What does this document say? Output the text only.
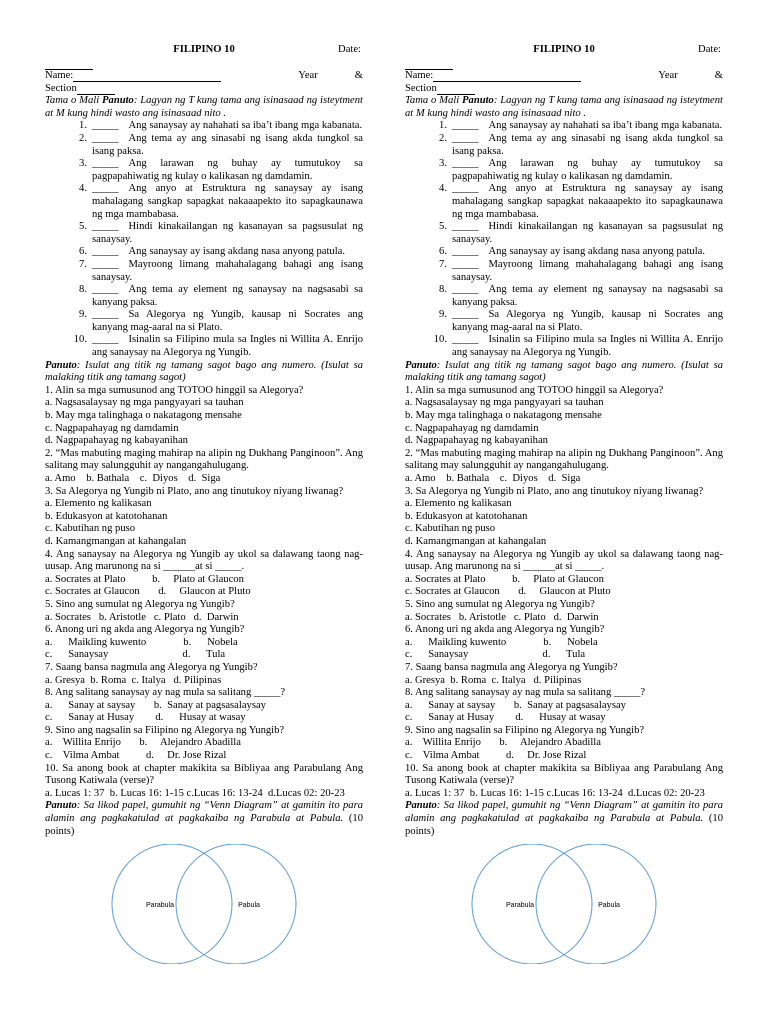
FILIPINO 10	Date:
Name:	Year	&
Section
Tama o Mali Panuto: Lagyan ng T kung tama ang isinasaad ng isteytment at M kung hindi wasto ang isinasaad nito .
1. _____ Ang sanaysay ay nahahati sa iba’t ibang mga kabanata.
2. _____ Ang tema ay ang sinasabi ng isang akda tungkol sa isang paksa.
3. _____ Ang larawan ng buhay ay tumutukoy sa pagpapahiwatig ng kulay o kalikasan ng damdamin.
4. _____ Ang anyo at Estruktura ng sanaysay ay isang mahalagang sangkap sapagkat nakaaapekto ito sapagkaunawa ng mga mambabasa.
5. _____ Hindi kinakailangan ng kasanayan sa pagsusulat ng sanaysay.
6. _____ Ang sanaysay ay isang akdang nasa anyong patula.
7. _____ Mayroong limang mahahalagang bahagi ang isang sanaysay.
8. _____ Ang tema ay element ng sanaysay na nagsasabi sa kanyang paksa.
9. _____ Sa Alegorya ng Yungib, kausap ni Socrates ang kanyang mag-aaral na si Plato.
10. _____ Isinalin sa Filipino mula sa Ingles ni Willita A. Enrijo ang sanaysay na Alegorya ng Yungib.
Panuto: Isulat ang titik ng tamang sagot bago ang numero. (Isulat sa malaking titik ang tamang sagot)
1. Alin sa mga sumusunod ang TOTOO hinggil sa Alegorya?
a. Nagsasalaysay ng mga pangyayari sa tauhan
b. May mga talinghaga o nakatagong mensahe
c. Nagpapahayag ng damdamin
d. Nagpapahayag ng kabayanihan
2. “Mas mabuting maging mahirap na alipin ng Dukhang Panginoon”. Ang salitang may salungguhit ay nangangahulugang.
a. Amo    b. Bathala    c.  Diyos    d.  Siga
3. Sa Alegorya ng Yungib ni Plato, ano ang tinutukoy niyang liwanag?
a. Elemento ng kalikasan
b. Edukasyon at katotohanan
c. Kabutihan ng puso
d. Kamangmangan at kahangalan
4. Ang sanaysay na Alegorya ng Yungib ay ukol sa dalawang taong nag-uusap. Ang marunong na si ______at si _____.
a. Socrates at Plato          b.     Plato at Glaucon
c. Socrates at Glaucon       d.     Glaucon at Pluto
5. Sino ang sumulat ng Alegorya ng Yungib?
a. Socrates   b. Aristotle   c. Plato   d.  Darwin
6. Anong uri ng akda ang Alegorya ng Yungib?
a.      Maikling kuwento              b.      Nobela
c.      Sanaysay                            d.      Tula
7. Saang bansa nagmula ang Alegorya ng Yungib?
a. Gresya  b. Roma  c. Italya   d. Pilipinas
8. Ang salitang sanaysay ay nag mula sa salitang _____?
a.      Sanay at saysay       b.  Sanay at pagsasalaysay
c.      Sanay at Husay        d.      Husay at wasay
9. Sino ang nagsalin sa Filipino ng Alegorya ng Yungib?
a.    Willita Enrijo       b.     Alejandro Abadilla
c.    Vilma Ambat          d.     Dr. Jose Rizal
10. Sa anong book at chapter makikita sa Bibliyaa ang Parabulang Ang Tusong Katiwala (verse)?
a. Lucas 1: 37  b. Lucas 16: 1-15 c.Lucas 16: 13-24  d.Lucas 02: 20-23
Panuto: Sa likod papel, gumuhit ng “Venn Diagram” at gamitin ito para alamin ang pagkakatulad at pagkakaiba ng Parabula at Pabula. (10 points)
Parabula	Pabula
FILIPINO 10	Date:
Name:	Year	&
Section
Tama o Mali Panuto: Lagyan ng T kung tama ang isinasaad ng isteytment at M kung hindi wasto ang isinasaad nito .
1. _____ Ang sanaysay ay nahahati sa iba’t ibang mga kabanata.
2. _____ Ang tema ay ang sinasabi ng isang akda tungkol sa isang paksa.
3. _____ Ang larawan ng buhay ay tumutukoy sa pagpapahiwatig ng kulay o kalikasan ng damdamin.
4. _____ Ang anyo at Estruktura ng sanaysay ay isang mahalagang sangkap sapagkat nakaaapekto ito sapagkaunawa ng mga mambabasa.
5. _____ Hindi kinakailangan ng kasanayan sa pagsusulat ng sanaysay.
6. _____ Ang sanaysay ay isang akdang nasa anyong patula.
7. _____ Mayroong limang mahahalagang bahagi ang isang sanaysay.
8. _____ Ang tema ay element ng sanaysay na nagsasabi sa kanyang paksa.
9. _____ Sa Alegorya ng Yungib, kausap ni Socrates ang kanyang mag-aaral na si Plato.
10. _____ Isinalin sa Filipino mula sa Ingles ni Willita A. Enrijo ang sanaysay na Alegorya ng Yungib.
Panuto: Isulat ang titik ng tamang sagot bago ang numero. (Isulat sa malaking titik ang tamang sagot)
1. Alin sa mga sumusunod ang TOTOO hinggil sa Alegorya?
a. Nagsasalaysay ng mga pangyayari sa tauhan
b. May mga talinghaga o nakatagong mensahe
c. Nagpapahayag ng damdamin
d. Nagpapahayag ng kabayanihan
2. “Mas mabuting maging mahirap na alipin ng Dukhang Panginoon”. Ang salitang may salungguhit ay nangangahulugang.
a. Amo    b. Bathala    c.  Diyos    d.  Siga
3. Sa Alegorya ng Yungib ni Plato, ano ang tinutukoy niyang liwanag?
a. Elemento ng kalikasan
b. Edukasyon at katotohanan
c. Kabutihan ng puso
d. Kamangmangan at kahangalan
4. Ang sanaysay na Alegorya ng Yungib ay ukol sa dalawang taong nag-uusap. Ang marunong na si ______at si _____.
a. Socrates at Plato          b.     Plato at Glaucon
c. Socrates at Glaucon       d.     Glaucon at Pluto
5. Sino ang sumulat ng Alegorya ng Yungib?
a. Socrates   b. Aristotle   c. Plato   d.  Darwin
6. Anong uri ng akda ang Alegorya ng Yungib?
a.      Maikling kuwento              b.      Nobela
c.      Sanaysay                            d.      Tula
7. Saang bansa nagmula ang Alegorya ng Yungib?
a. Gresya  b. Roma  c. Italya   d. Pilipinas
8. Ang salitang sanaysay ay nag mula sa salitang _____?
a.      Sanay at saysay       b.  Sanay at pagsasalaysay
c.      Sanay at Husay        d.      Husay at wasay
9. Sino ang nagsalin sa Filipino ng Alegorya ng Yungib?
a.    Willita Enrijo       b.     Alejandro Abadilla
c.    Vilma Ambat          d.     Dr. Jose Rizal
10. Sa anong book at chapter makikita sa Bibliyaa ang Parabulang Ang Tusong Katiwala (verse)?
a. Lucas 1: 37  b. Lucas 16: 1-15 c.Lucas 16: 13-24  d.Lucas 02: 20-23
Panuto: Sa likod papel, gumuhit ng “Venn Diagram” at gamitin ito para alamin ang pagkakatulad at pagkakaiba ng Parabula at Pabula. (10 points)
Parabula	Pabula
